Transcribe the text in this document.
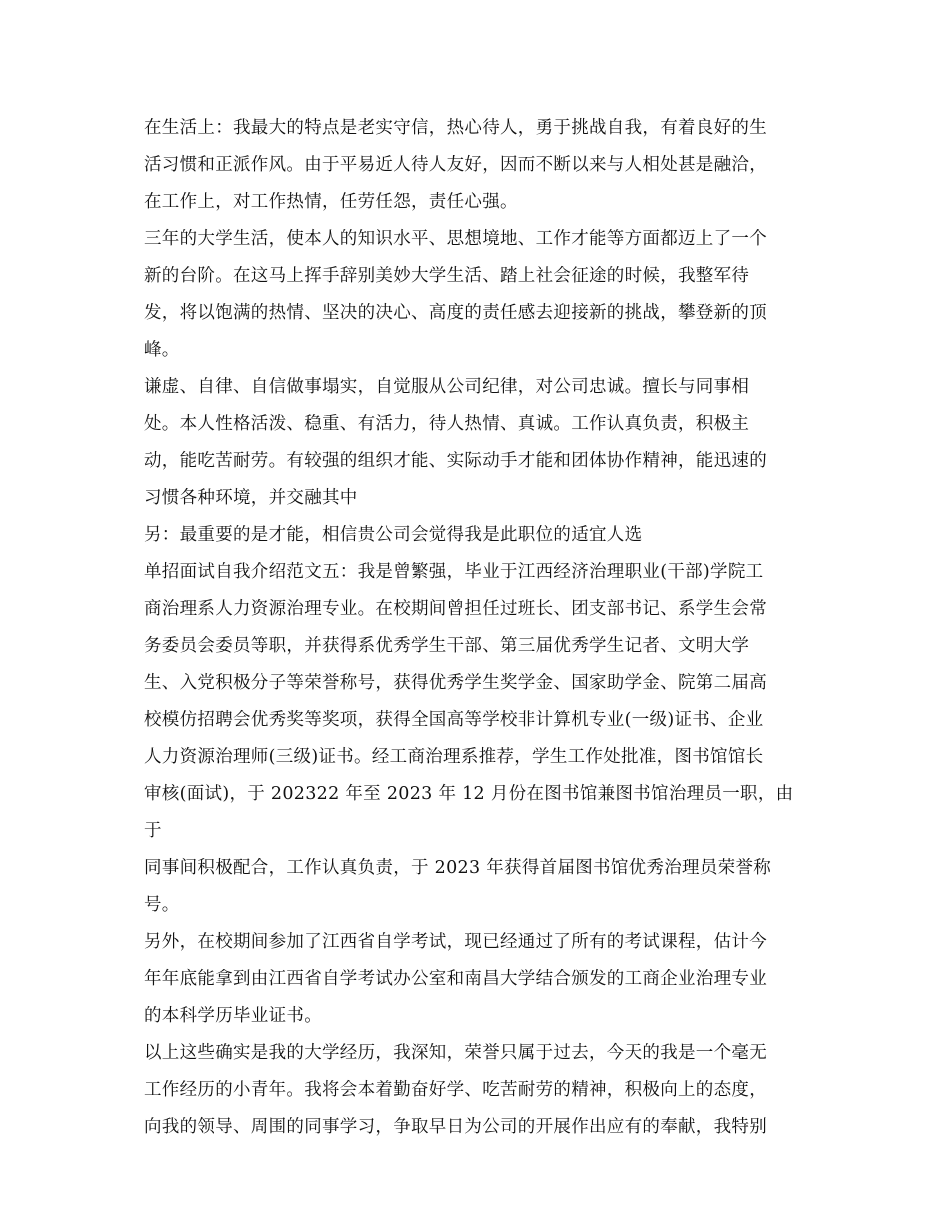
在生活上：我最大的特点是老实守信，热心待人，勇于挑战自我，有着良好的生
活习惯和正派作风。由于平易近人待人友好，因而不断以来与人相处甚是融洽，
在工作上，对工作热情，任劳任怨，责任心强。

三年的大学生活，使本人的知识水平、思想境地、工作才能等方面都迈上了一个
新的台阶。在这马上挥手辞别美妙大学生活、踏上社会征途的时候，我整军待
发，将以饱满的热情、坚决的决心、高度的责任感去迎接新的挑战，攀登新的顶
峰。

谦虚、自律、自信做事塌实，自觉服从公司纪律，对公司忠诚。擅长与同事相
处。本人性格活泼、稳重、有活力，待人热情、真诚。工作认真负责，积极主
动，能吃苦耐劳。有较强的组织才能、实际动手才能和团体协作精神，能迅速的
习惯各种环境，并交融其中

另：最重要的是才能，相信贵公司会觉得我是此职位的适宜人选

单招面试自我介绍范文五：我是曾繁强，毕业于江西经济治理职业(干部)学院工
商治理系人力资源治理专业。在校期间曾担任过班长、团支部书记、系学生会常
务委员会委员等职，并获得系优秀学生干部、第三届优秀学生记者、文明大学
生、入党积极分子等荣誉称号，获得优秀学生奖学金、国家助学金、院第二届高
校模仿招聘会优秀奖等奖项，获得全国高等学校非计算机专业(一级)证书、企业
人力资源治理师(三级)证书。经工商治理系推荐，学生工作处批准，图书馆馆长
审核(面试)，于 202322 年至 2023 年 12 月份在图书馆兼图书馆治理员一职，由于
同事间积极配合，工作认真负责，于 2023 年获得首届图书馆优秀治理员荣誉称
号。

另外，在校期间参加了江西省自学考试，现已经通过了所有的考试课程，估计今
年年底能拿到由江西省自学考试办公室和南昌大学结合颁发的工商企业治理专业
的本科学历毕业证书。

以上这些确实是我的大学经历，我深知，荣誉只属于过去，今天的我是一个毫无
工作经历的小青年。我将会本着勤奋好学、吃苦耐劳的精神，积极向上的态度，
向我的领导、周围的同事学习，争取早日为公司的开展作出应有的奉献，我特别
